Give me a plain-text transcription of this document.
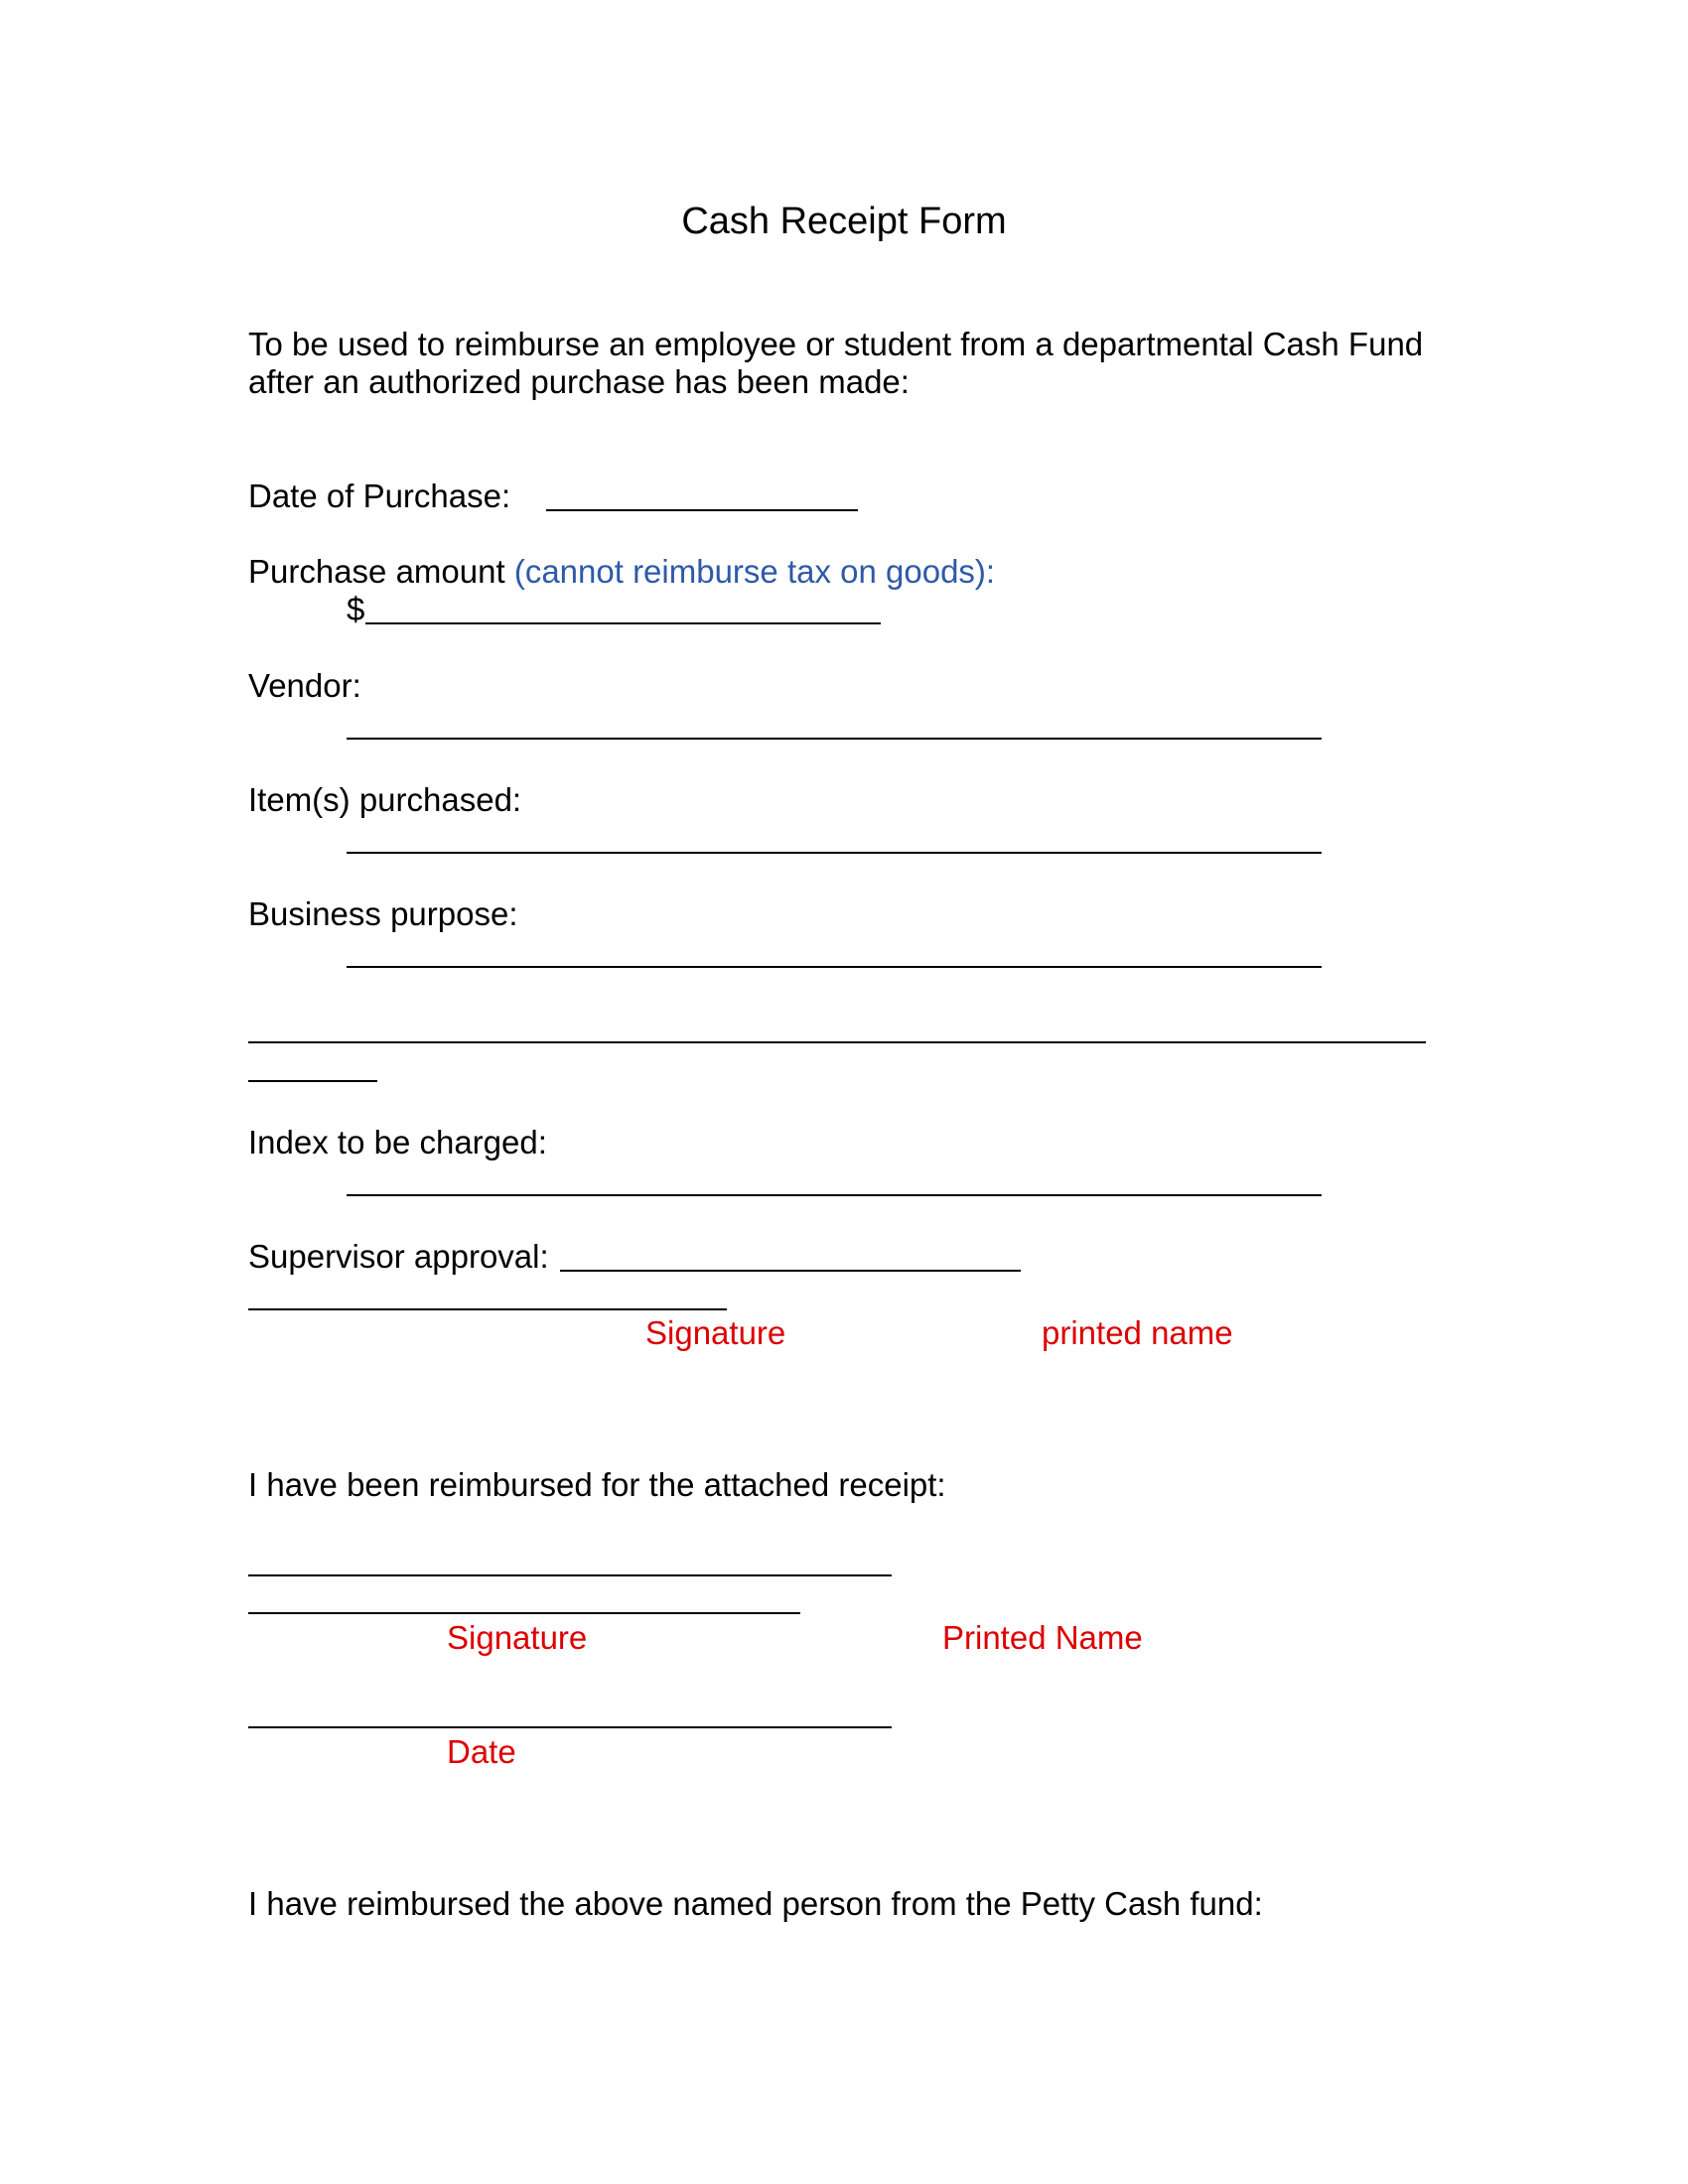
Cash Receipt Form
To be used to reimburse an employee or student from a departmental Cash Fund
after an authorized purchase has been made:
Date of Purchase:
Purchase amount (cannot reimburse tax on goods):
$
Vendor:
Item(s) purchased:
Business purpose:
Index to be charged:
Supervisor approval:
Signature	printed name
I have been reimbursed for the attached receipt:
Signature	Printed Name
Date
I have reimbursed the above named person from the Petty Cash fund:
